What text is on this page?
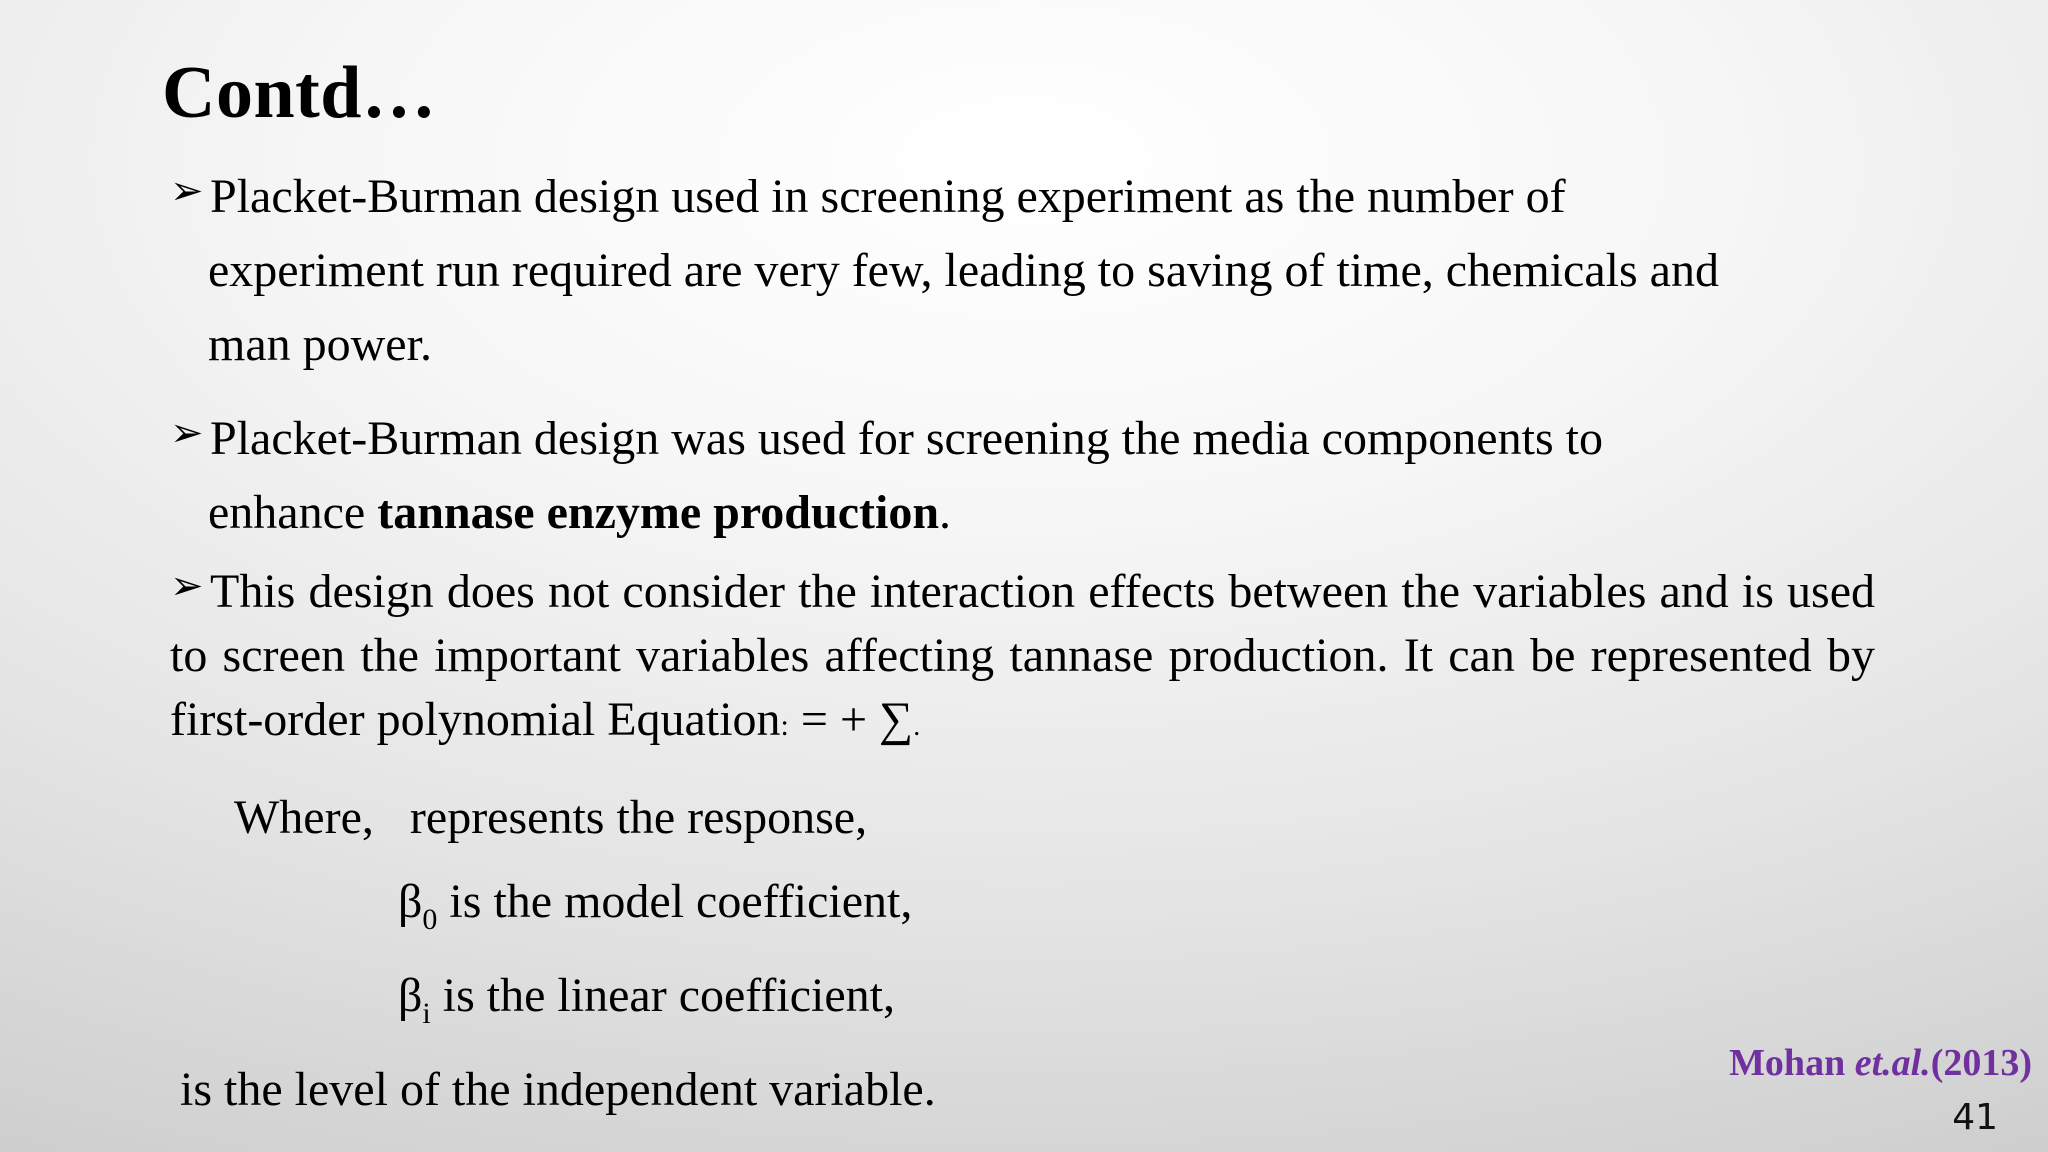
Contd…
➢ Placket-Burman design used in screening experiment as the number of
experiment run required are very few, leading to saving of time, chemicals and
man power.
➢ Placket-Burman design was used for screening the media components to
enhance tannase enzyme production.
➢ This design does not consider the interaction effects between the variables and is used to screen the important variables affecting tannase production. It can be represented by first-order polynomial Equation: = + ∑.
Where,   represents the response,
$\beta_0$ is the model coefficient,
$\beta_i$ is the linear coefficient,
is the level of the independent variable.	Mohan et.al.(2013)
41
